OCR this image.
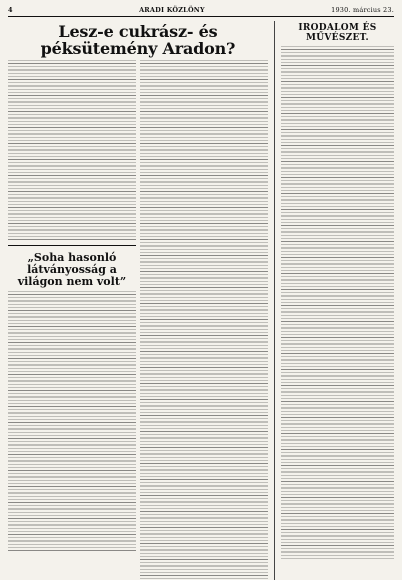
4	ARADI KÖZLÖNY	1930. március 23.
Lesz-e cukrász- és péksütemény Aradon?
„Soha hasonló látványosság a világon nem volt”
IRODALOM ÉS MŰVÉSZET.
